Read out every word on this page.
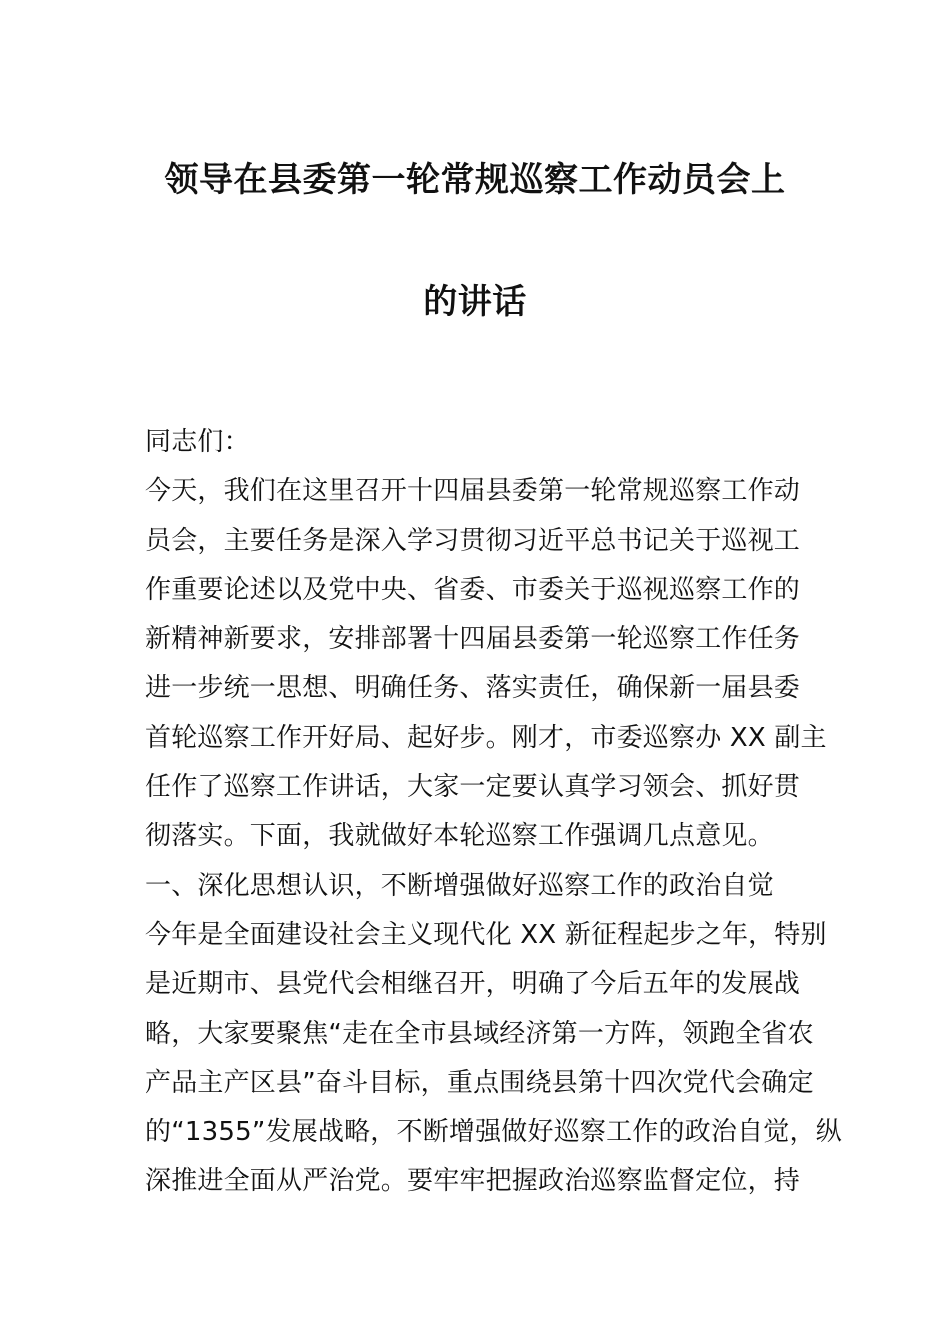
领导在县委第一轮常规巡察工作动员会上
的讲话
同志们：
今天，我们在这里召开十四届县委第一轮常规巡察工作动
员会，主要任务是深入学习贯彻习近平总书记关于巡视工
作重要论述以及党中央、省委、市委关于巡视巡察工作的
新精神新要求，安排部署十四届县委第一轮巡察工作任务
进一步统一思想、明确任务、落实责任，确保新一届县委
首轮巡察工作开好局、起好步。刚才，市委巡察办 XX 副主
任作了巡察工作讲话，大家一定要认真学习领会、抓好贯
彻落实。下面，我就做好本轮巡察工作强调几点意见。
一、深化思想认识，不断增强做好巡察工作的政治自觉
今年是全面建设社会主义现代化 XX 新征程起步之年，特别
是近期市、县党代会相继召开，明确了今后五年的发展战
略，大家要聚焦“走在全市县域经济第一方阵，领跑全省农
产品主产区县”奋斗目标，重点围绕县第十四次党代会确定
的“1355”发展战略，不断增强做好巡察工作的政治自觉，纵
深推进全面从严治党。要牢牢把握政治巡察监督定位，持
